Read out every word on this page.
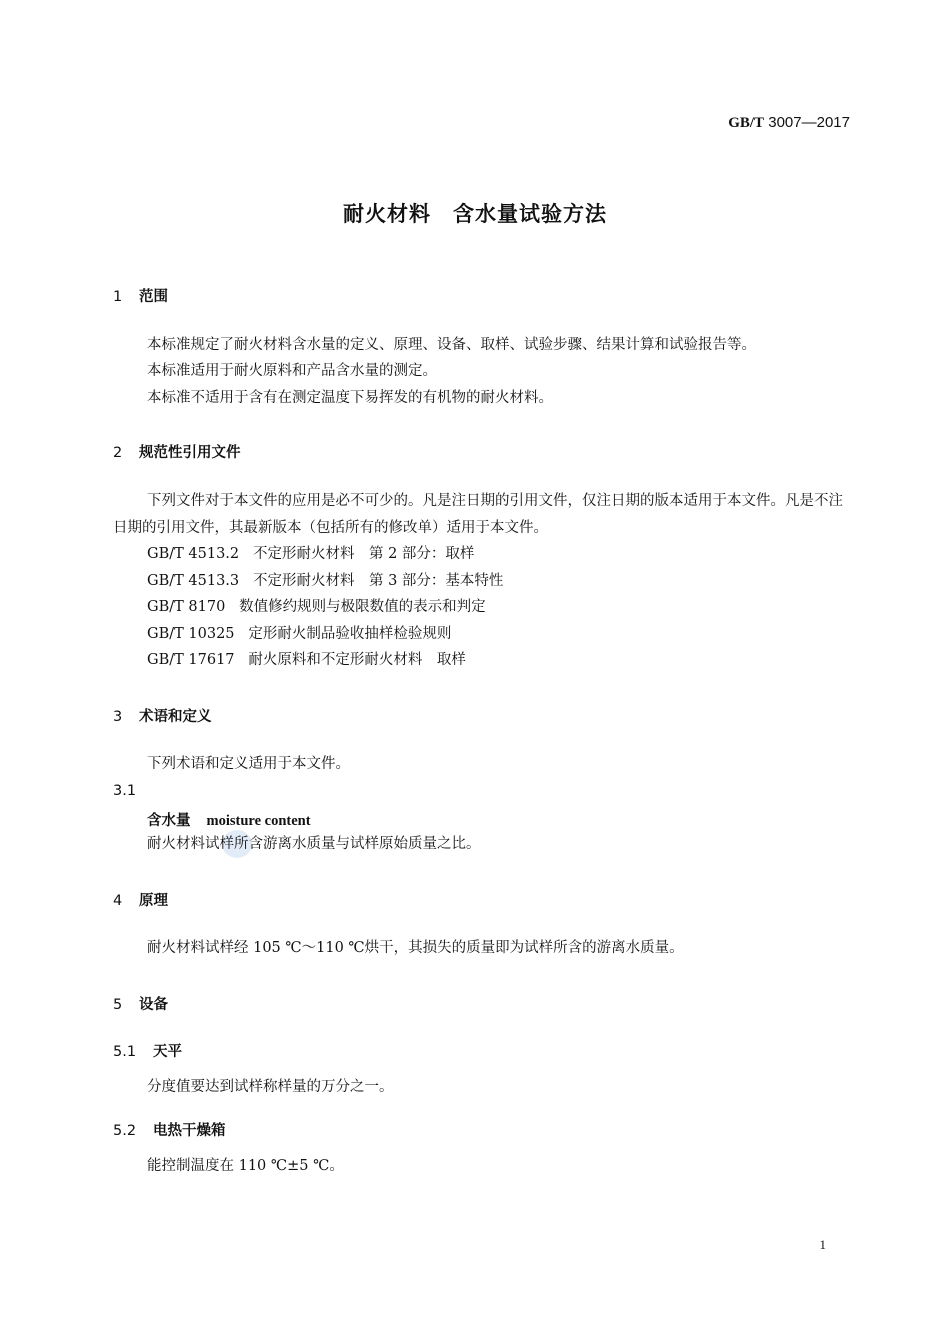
GB/T 3007—2017
耐火材料　含水量试验方法
1 范围
本标准规定了耐火材料含水量的定义、原理、设备、取样、试验步骤、结果计算和试验报告等。
本标准适用于耐火原料和产品含水量的测定。
本标准不适用于含有在测定温度下易挥发的有机物的耐火材料。
2 规范性引用文件
下列文件对于本文件的应用是必不可少的。凡是注日期的引用文件，仅注日期的版本适用于本文件。凡是不注日期的引用文件，其最新版本（包括所有的修改单）适用于本文件。
GB/T 4513.2 不定形耐火材料　第 2 部分：取样
GB/T 4513.3 不定形耐火材料　第 3 部分：基本特性
GB/T 8170 数值修约规则与极限数值的表示和判定
GB/T 10325 定形耐火制品验收抽样检验规则
GB/T 17617 耐火原料和不定形耐火材料　取样
3 术语和定义
下列术语和定义适用于本文件。
3.1
含水量 moisture content
耐火材料试样所含游离水质量与试样原始质量之比。
4 原理
耐火材料试样经 105 ℃～110 ℃烘干，其损失的质量即为试样所含的游离水质量。
5 设备
5.1 天平
分度值要达到试样称样量的万分之一。
5.2 电热干燥箱
能控制温度在 110 ℃±5 ℃。
1
